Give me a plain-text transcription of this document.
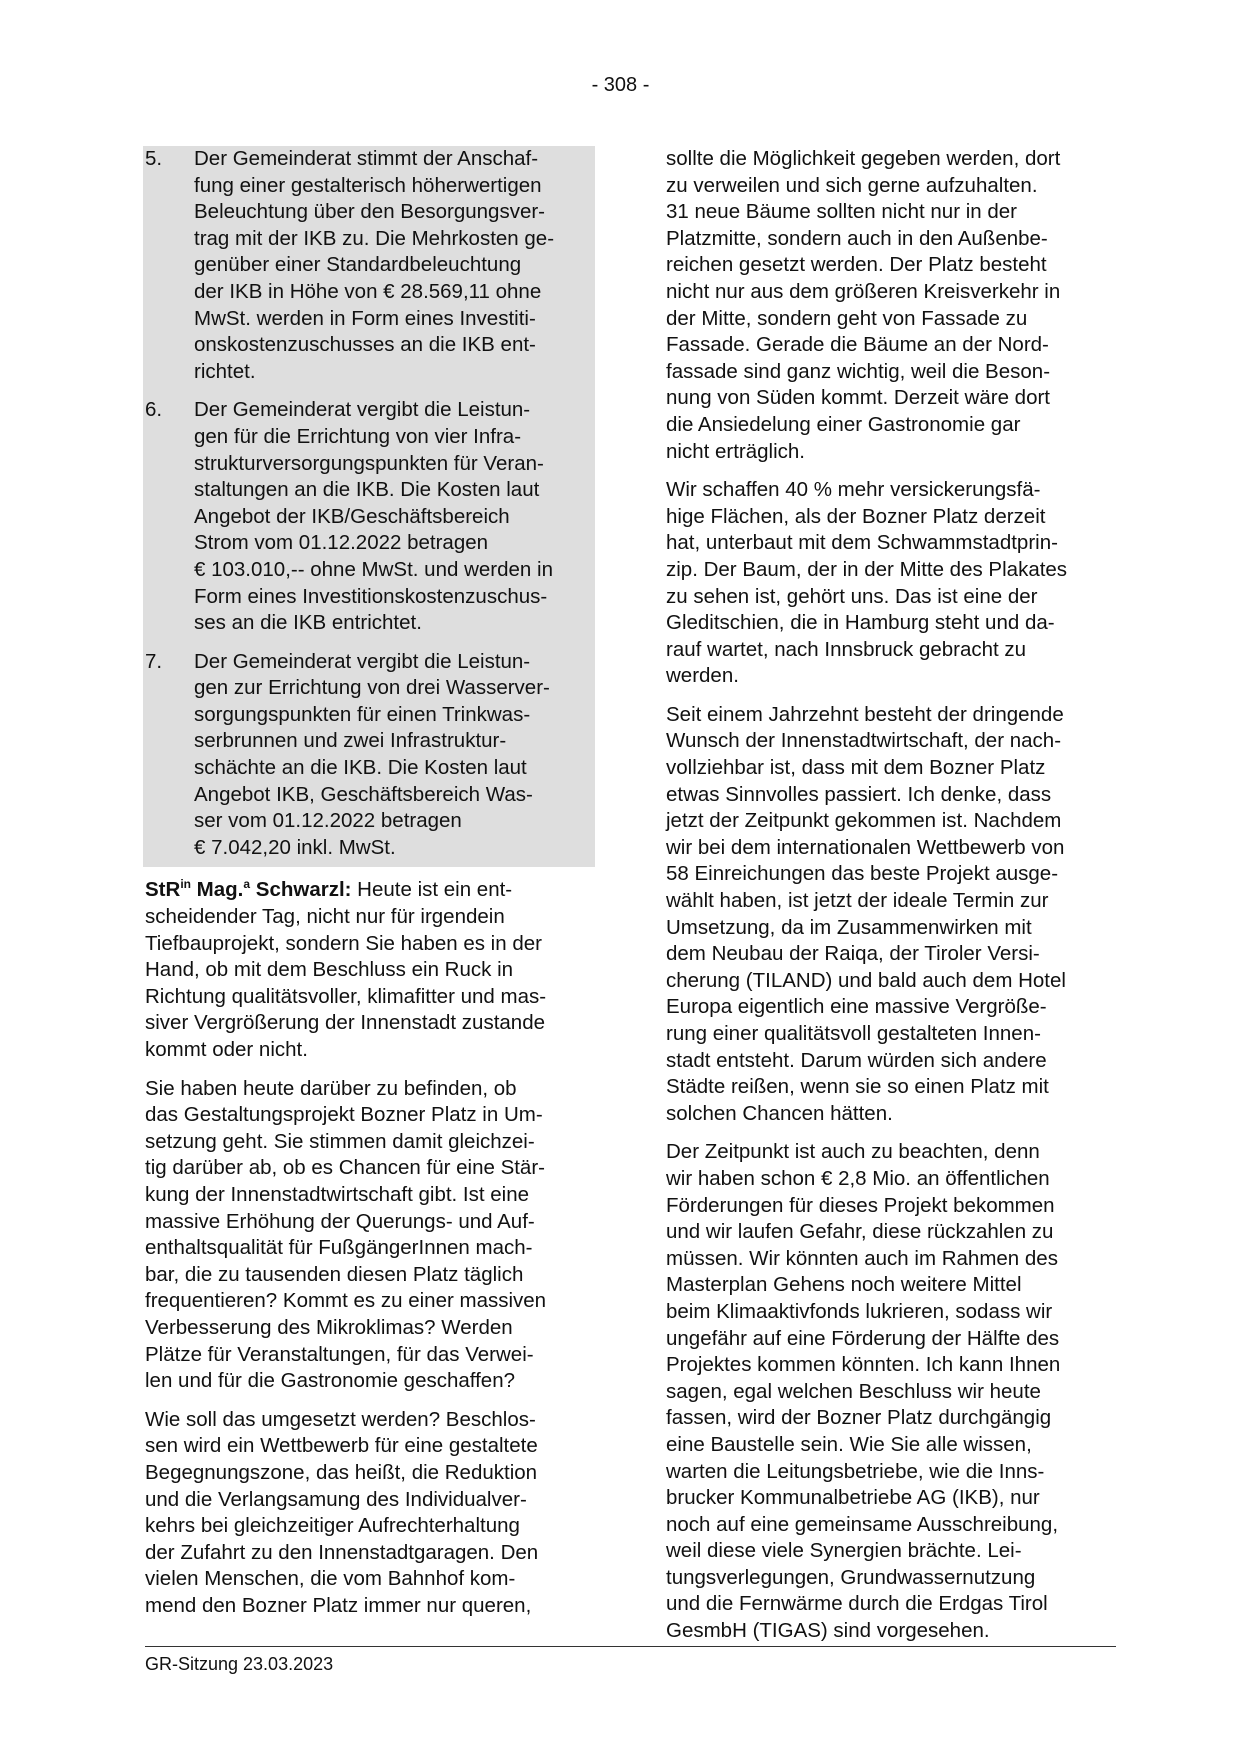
- 308 -
5.	Der Gemeinderat stimmt der Anschaf-
fung einer gestalterisch höherwertigen
Beleuchtung über den Besorgungsver-
trag mit der IKB zu. Die Mehrkosten ge-
genüber einer Standardbeleuchtung
der IKB in Höhe von € 28.569,11 ohne
MwSt. werden in Form eines Investiti-
onskostenzuschusses an die IKB ent-
richtet.
6.	Der Gemeinderat vergibt die Leistun-
gen für die Errichtung von vier Infra-
strukturversorgungspunkten für Veran-
staltungen an die IKB. Die Kosten laut
Angebot der IKB/Geschäftsbereich
Strom vom 01.12.2022 betragen
€ 103.010,-- ohne MwSt. und werden in
Form eines Investitionskostenzuschus-
ses an die IKB entrichtet.
7.	Der Gemeinderat vergibt die Leistun-
gen zur Errichtung von drei Wasserver-
sorgungspunkten für einen Trinkwas-
serbrunnen und zwei Infrastruktur-
schächte an die IKB. Die Kosten laut
Angebot IKB, Geschäftsbereich Was-
ser vom 01.12.2022 betragen
€ 7.042,20 inkl. MwSt.

StR$^{in}$ Mag.$^a$ Schwarzl: Heute ist ein ent-
scheidender Tag, nicht nur für irgendein
Tiefbauprojekt, sondern Sie haben es in der
Hand, ob mit dem Beschluss ein Ruck in
Richtung qualitätsvoller, klimafitter und mas-
siver Vergrößerung der Innenstadt zustande
kommt oder nicht.

Sie haben heute darüber zu befinden, ob
das Gestaltungsprojekt Bozner Platz in Um-
setzung geht. Sie stimmen damit gleichzei-
tig darüber ab, ob es Chancen für eine Stär-
kung der Innenstadtwirtschaft gibt. Ist eine
massive Erhöhung der Querungs- und Auf-
enthaltsqualität für FußgängerInnen mach-
bar, die zu tausenden diesen Platz täglich
frequentieren? Kommt es zu einer massiven
Verbesserung des Mikroklimas? Werden
Plätze für Veranstaltungen, für das Verwei-
len und für die Gastronomie geschaffen?

Wie soll das umgesetzt werden? Beschlos-
sen wird ein Wettbewerb für eine gestaltete
Begegnungszone, das heißt, die Reduktion
und die Verlangsamung des Individualver-
kehrs bei gleichzeitiger Aufrechterhaltung
der Zufahrt zu den Innenstadtgaragen. Den
vielen Menschen, die vom Bahnhof kom-
mend den Bozner Platz immer nur queren,

sollte die Möglichkeit gegeben werden, dort
zu verweilen und sich gerne aufzuhalten.
31 neue Bäume sollten nicht nur in der
Platzmitte, sondern auch in den Außenbe-
reichen gesetzt werden. Der Platz besteht
nicht nur aus dem größeren Kreisverkehr in
der Mitte, sondern geht von Fassade zu
Fassade. Gerade die Bäume an der Nord-
fassade sind ganz wichtig, weil die Beson-
nung von Süden kommt. Derzeit wäre dort
die Ansiedelung einer Gastronomie gar
nicht erträglich.

Wir schaffen 40 % mehr versickerungsfä-
hige Flächen, als der Bozner Platz derzeit
hat, unterbaut mit dem Schwammstadtprin-
zip. Der Baum, der in der Mitte des Plakates
zu sehen ist, gehört uns. Das ist eine der
Gleditschien, die in Hamburg steht und da-
rauf wartet, nach Innsbruck gebracht zu
werden.

Seit einem Jahrzehnt besteht der dringende
Wunsch der Innenstadtwirtschaft, der nach-
vollziehbar ist, dass mit dem Bozner Platz
etwas Sinnvolles passiert. Ich denke, dass
jetzt der Zeitpunkt gekommen ist. Nachdem
wir bei dem internationalen Wettbewerb von
58 Einreichungen das beste Projekt ausge-
wählt haben, ist jetzt der ideale Termin zur
Umsetzung, da im Zusammenwirken mit
dem Neubau der Raiqa, der Tiroler Versi-
cherung (TILAND) und bald auch dem Hotel
Europa eigentlich eine massive Vergröße-
rung einer qualitätsvoll gestalteten Innen-
stadt entsteht. Darum würden sich andere
Städte reißen, wenn sie so einen Platz mit
solchen Chancen hätten.

Der Zeitpunkt ist auch zu beachten, denn
wir haben schon € 2,8 Mio. an öffentlichen
Förderungen für dieses Projekt bekommen
und wir laufen Gefahr, diese rückzahlen zu
müssen. Wir könnten auch im Rahmen des
Masterplan Gehens noch weitere Mittel
beim Klimaaktivfonds lukrieren, sodass wir
ungefähr auf eine Förderung der Hälfte des
Projektes kommen könnten. Ich kann Ihnen
sagen, egal welchen Beschluss wir heute
fassen, wird der Bozner Platz durchgängig
eine Baustelle sein. Wie Sie alle wissen,
warten die Leitungsbetriebe, wie die Inns-
brucker Kommunalbetriebe AG (IKB), nur
noch auf eine gemeinsame Ausschreibung,
weil diese viele Synergien brächte. Lei-
tungsverlegungen, Grundwassernutzung
und die Fernwärme durch die Erdgas Tirol
GesmbH (TIGAS) sind vorgesehen.

GR-Sitzung 23.03.2023
